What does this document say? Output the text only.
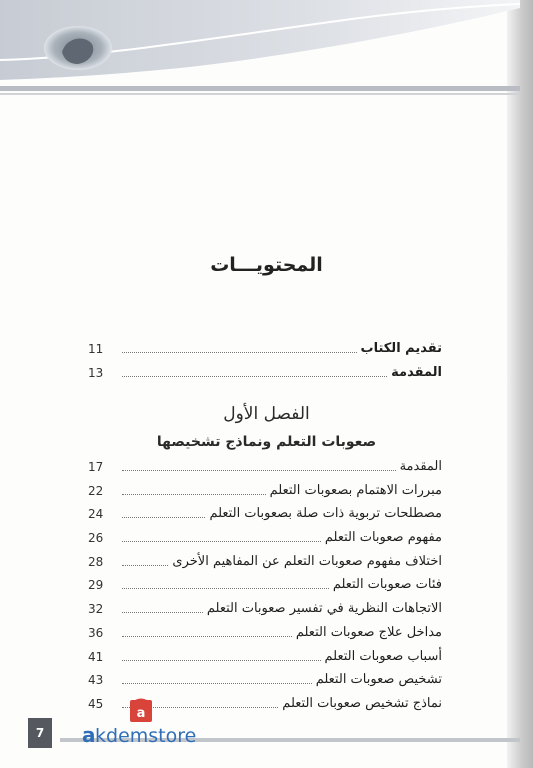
المحتويـــات
تقديم الكتاب
11
المقدمة
13
الفصل الأول
صعوبات التعلم ونماذج تشخيصها
المقدمة
17
مبررات الاهتمام بصعوبات التعلم
22
مصطلحات تربوية ذات صلة بصعوبات التعلم
24
مفهوم صعوبات التعلم
26
اختلاف مفهوم صعوبات التعلم عن المفاهيم الأخرى
28
فئات صعوبات التعلم
29
الاتجاهات النظرية في تفسير صعوبات التعلم
32
مداخل علاج صعوبات التعلم
36
أسباب صعوبات التعلم
41
تشخيص صعوبات التعلم
43
نماذج تشخيص صعوبات التعلم
45
7
a
a kdemstore
